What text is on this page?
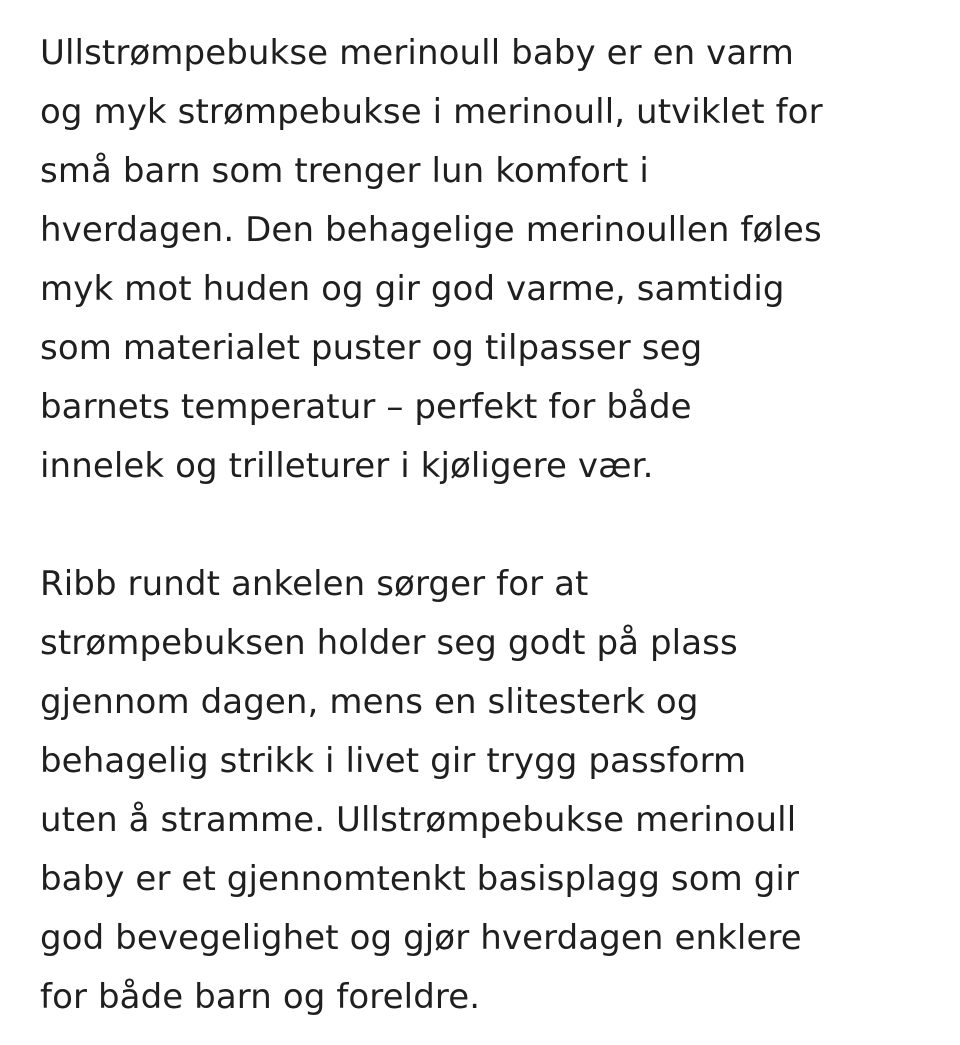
Ullstrømpebukse merinoull baby er en varm
og myk strømpebukse i merinoull, utviklet for
små barn som trenger lun komfort i
hverdagen. Den behagelige merinoullen føles
myk mot huden og gir god varme, samtidig
som materialet puster og tilpasser seg
barnets temperatur – perfekt for både
innelek og trilleturer i kjøligere vær.

Ribb rundt ankelen sørger for at
strømpebuksen holder seg godt på plass
gjennom dagen, mens en slitesterk og
behagelig strikk i livet gir trygg passform
uten å stramme. Ullstrømpebukse merinoull
baby er et gjennomtenkt basisplagg som gir
god bevegelighet og gjør hverdagen enklere
for både barn og foreldre.
